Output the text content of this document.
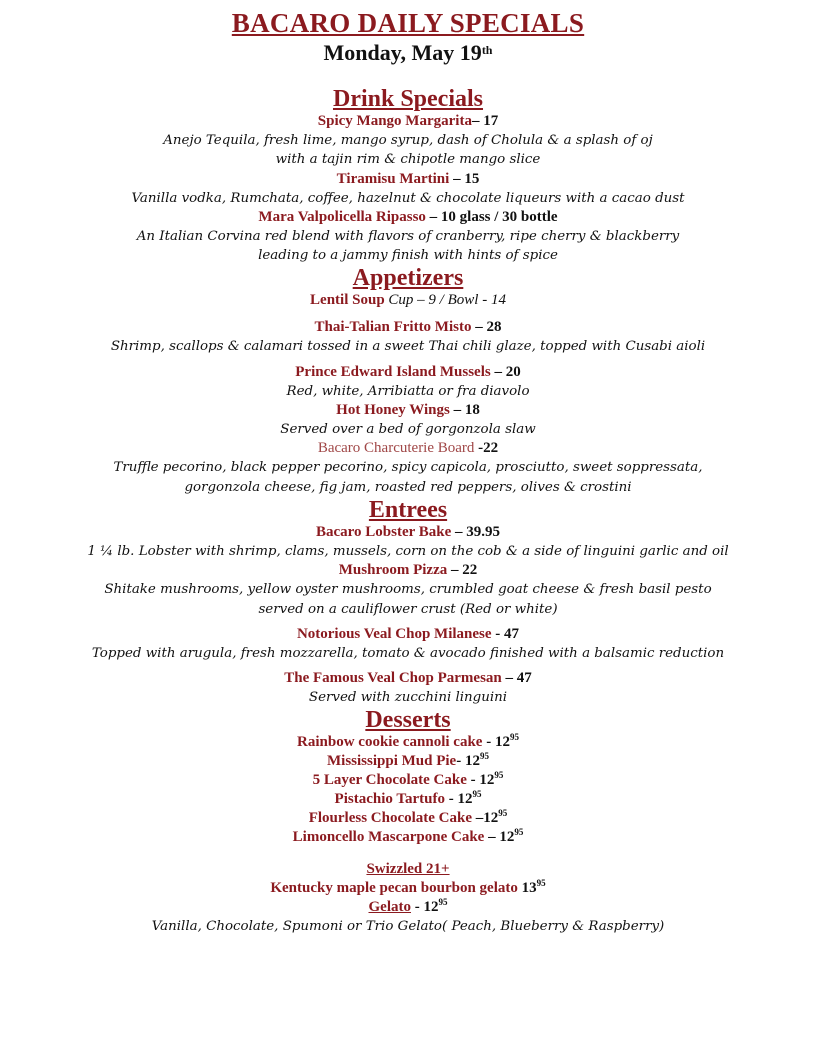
BACARO DAILY SPECIALS

Monday, May 19th

Drink Specials

Spicy Mango Margarita– 17

Anejo Tequila, fresh lime, mango syrup, dash of Cholula & a splash of oj

with a tajin rim & chipotle mango slice

Tiramisu Martini – 15

Vanilla vodka, Rumchata, coffee, hazelnut & chocolate liqueurs with a cacao dust

Mara Valpolicella Ripasso – 10 glass / 30 bottle

An Italian Corvina red blend with flavors of cranberry, ripe cherry & blackberry

leading to a jammy finish with hints of spice

Appetizers

Lentil Soup Cup – 9 / Bowl - 14

Thai-Talian Fritto Misto – 28

Shrimp, scallops & calamari tossed in a sweet Thai chili glaze, topped with Cusabi aioli

Prince Edward Island Mussels – 20

Red, white, Arribiatta or fra diavolo

Hot Honey Wings – 18

Served over a bed of gorgonzola slaw

Bacaro Charcuterie Board -22

Truffle pecorino, black pepper pecorino, spicy capicola, prosciutto, sweet soppressata,

gorgonzola cheese, fig jam, roasted red peppers, olives & crostini

Entrees

Bacaro Lobster Bake – 39.95

1 ¼ lb. Lobster with shrimp, clams, mussels, corn on the cob & a side of linguini garlic and oil

Mushroom Pizza – 22

Shitake mushrooms, yellow oyster mushrooms, crumbled goat cheese & fresh basil pesto

served on a cauliflower crust (Red or white)

Notorious Veal Chop Milanese - 47

Topped with arugula, fresh mozzarella, tomato & avocado finished with a balsamic reduction

The Famous Veal Chop Parmesan – 47

Served with zucchini linguini

Desserts

Rainbow cookie cannoli cake - $12^{95}$

Mississippi Mud Pie- $12^{95}$

5 Layer Chocolate Cake - $12^{95}$

Pistachio Tartufo - $12^{95}$

Flourless Chocolate Cake $-12^{95}$

Limoncello Mascarpone Cake – $12^{95}$

Swizzled 21+

Kentucky maple pecan bourbon gelato $13^{95}$

Gelato - $12^{95}$

Vanilla, Chocolate, Spumoni or Trio Gelato( Peach, Blueberry & Raspberry)
